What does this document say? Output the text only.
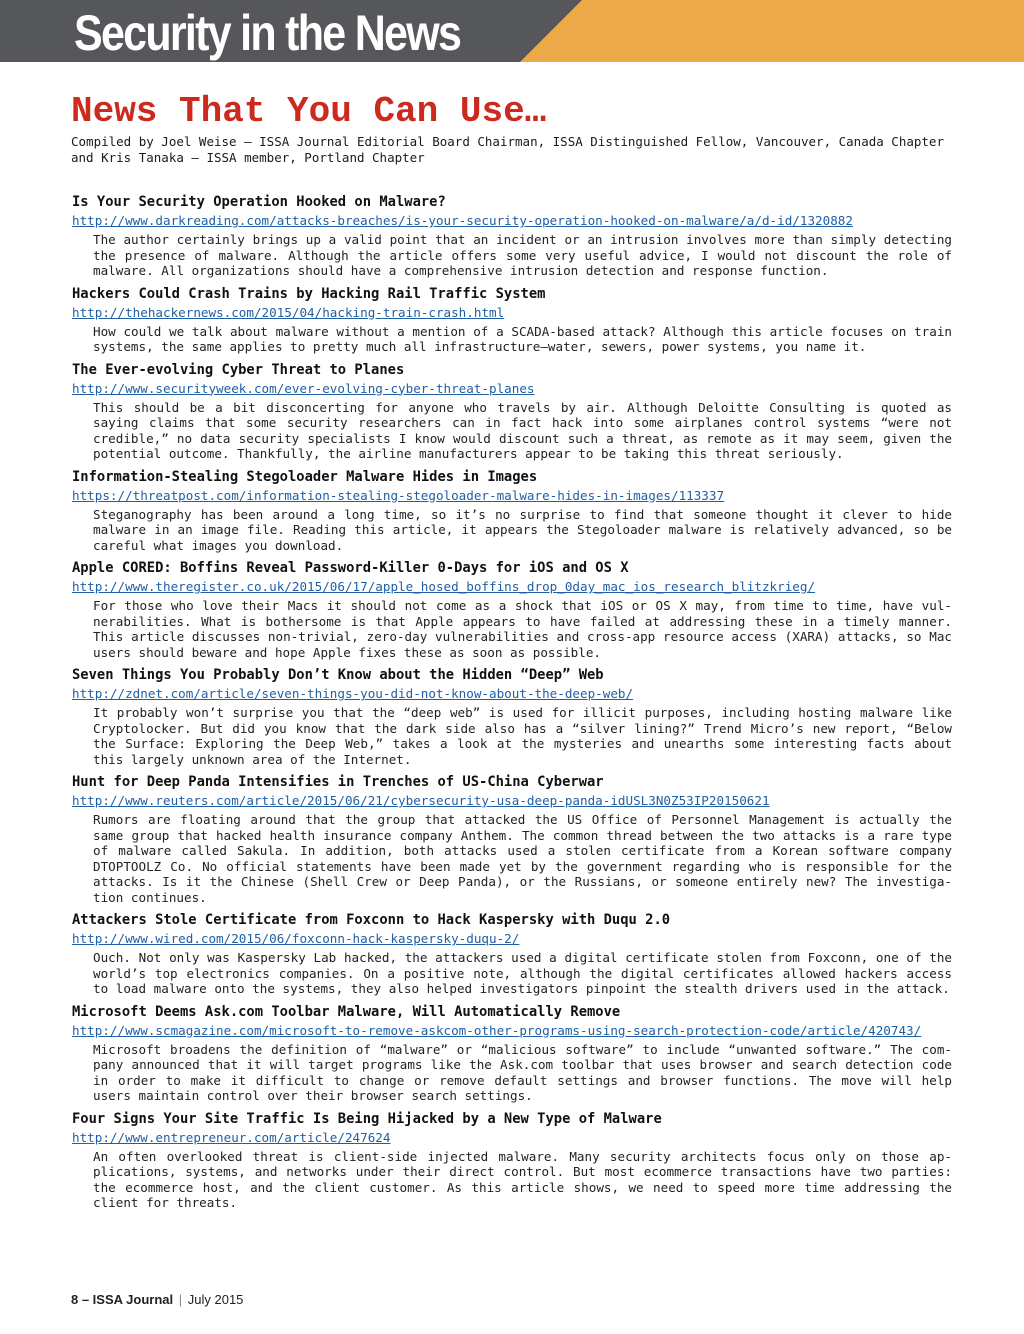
Security in the News
News That You Can Use…
Compiled by Joel Weise – ISSA Journal Editorial Board Chairman, ISSA Distinguished Fellow, Vancouver, Canada Chapter and Kris Tanaka – ISSA member, Portland Chapter
Is Your Security Operation Hooked on Malware?
http://www.darkreading.com/attacks-breaches/is-your-security-operation-hooked-on-malware/a/d-id/1320882
The author certainly brings up a valid point that an incident or an intrusion involves more than simply detecting the presence of malware. Although the article offers some very useful advice, I would not discount the role of malware. All organizations should have a comprehensive intrusion detection and response function.
Hackers Could Crash Trains by Hacking Rail Traffic System
http://thehackernews.com/2015/04/hacking-train-crash.html
How could we talk about malware without a mention of a SCADA-based attack? Although this article focuses on train systems, the same applies to pretty much all infrastructure—water, sewers, power systems, you name it.
The Ever-evolving Cyber Threat to Planes
http://www.securityweek.com/ever-evolving-cyber-threat-planes
This should be a bit disconcerting for anyone who travels by air. Although Deloitte Consulting is quoted as saying claims that some security researchers can in fact hack into some airplanes control systems “were not credible,” no data security specialists I know would discount such a threat, as remote as it may seem, given the potential outcome. Thankfully, the airline manufacturers appear to be taking this threat seriously.
Information-Stealing Stegoloader Malware Hides in Images
https://threatpost.com/information-stealing-stegoloader-malware-hides-in-images/113337
Steganography has been around a long time, so it’s no surprise to find that someone thought it clever to hide malware in an image file. Reading this article, it appears the Stegoloader malware is relatively advanced, so be careful what images you download.
Apple CORED: Boffins Reveal Password-Killer 0-Days for iOS and OS X
http://www.theregister.co.uk/2015/06/17/apple_hosed_boffins_drop_0day_mac_ios_research_blitzkrieg/
For those who love their Macs it should not come as a shock that iOS or OS X may, from time to time, have vul-nerabilities. What is bothersome is that Apple appears to have failed at addressing these in a timely manner. This article discusses non-trivial, zero-day vulnerabilities and cross-app resource access (XARA) attacks, so Mac users should beware and hope Apple fixes these as soon as possible.
Seven Things You Probably Don’t Know about the Hidden “Deep” Web
http://zdnet.com/article/seven-things-you-did-not-know-about-the-deep-web/
It probably won’t surprise you that the “deep web” is used for illicit purposes, including hosting malware like Cryptolocker. But did you know that the dark side also has a “silver lining?” Trend Micro’s new report, “Below the Surface: Exploring the Deep Web,” takes a look at the mysteries and unearths some interesting facts about this largely unknown area of the Internet.
Hunt for Deep Panda Intensifies in Trenches of US-China Cyberwar
http://www.reuters.com/article/2015/06/21/cybersecurity-usa-deep-panda-idUSL3N0Z53IP20150621
Rumors are floating around that the group that attacked the US Office of Personnel Management is actually the same group that hacked health insurance company Anthem. The common thread between the two attacks is a rare type of malware called Sakula. In addition, both attacks used a stolen certificate from a Korean software company DTOPTOOLZ Co. No official statements have been made yet by the government regarding who is responsible for the attacks. Is it the Chinese (Shell Crew or Deep Panda), or the Russians, or someone entirely new? The investiga-tion continues.
Attackers Stole Certificate from Foxconn to Hack Kaspersky with Duqu 2.0
http://www.wired.com/2015/06/foxconn-hack-kaspersky-duqu-2/
Ouch. Not only was Kaspersky Lab hacked, the attackers used a digital certificate stolen from Foxconn, one of the world’s top electronics companies. On a positive note, although the digital certificates allowed hackers access to load malware onto the systems, they also helped investigators pinpoint the stealth drivers used in the attack.
Microsoft Deems Ask.com Toolbar Malware, Will Automatically Remove
http://www.scmagazine.com/microsoft-to-remove-askcom-other-programs-using-search-protection-code/article/420743/
Microsoft broadens the definition of “malware” or “malicious software” to include “unwanted software.” The com-pany announced that it will target programs like the Ask.com toolbar that uses browser and search detection code in order to make it difficult to change or remove default settings and browser functions. The move will help users maintain control over their browser search settings.
Four Signs Your Site Traffic Is Being Hijacked by a New Type of Malware
http://www.entrepreneur.com/article/247624
An often overlooked threat is client-side injected malware. Many security architects focus only on those ap-plications, systems, and networks under their direct control. But most ecommerce transactions have two parties: the ecommerce host, and the client customer. As this article shows, we need to speed more time addressing the client for threats.
8 – ISSA Journal | July 2015
